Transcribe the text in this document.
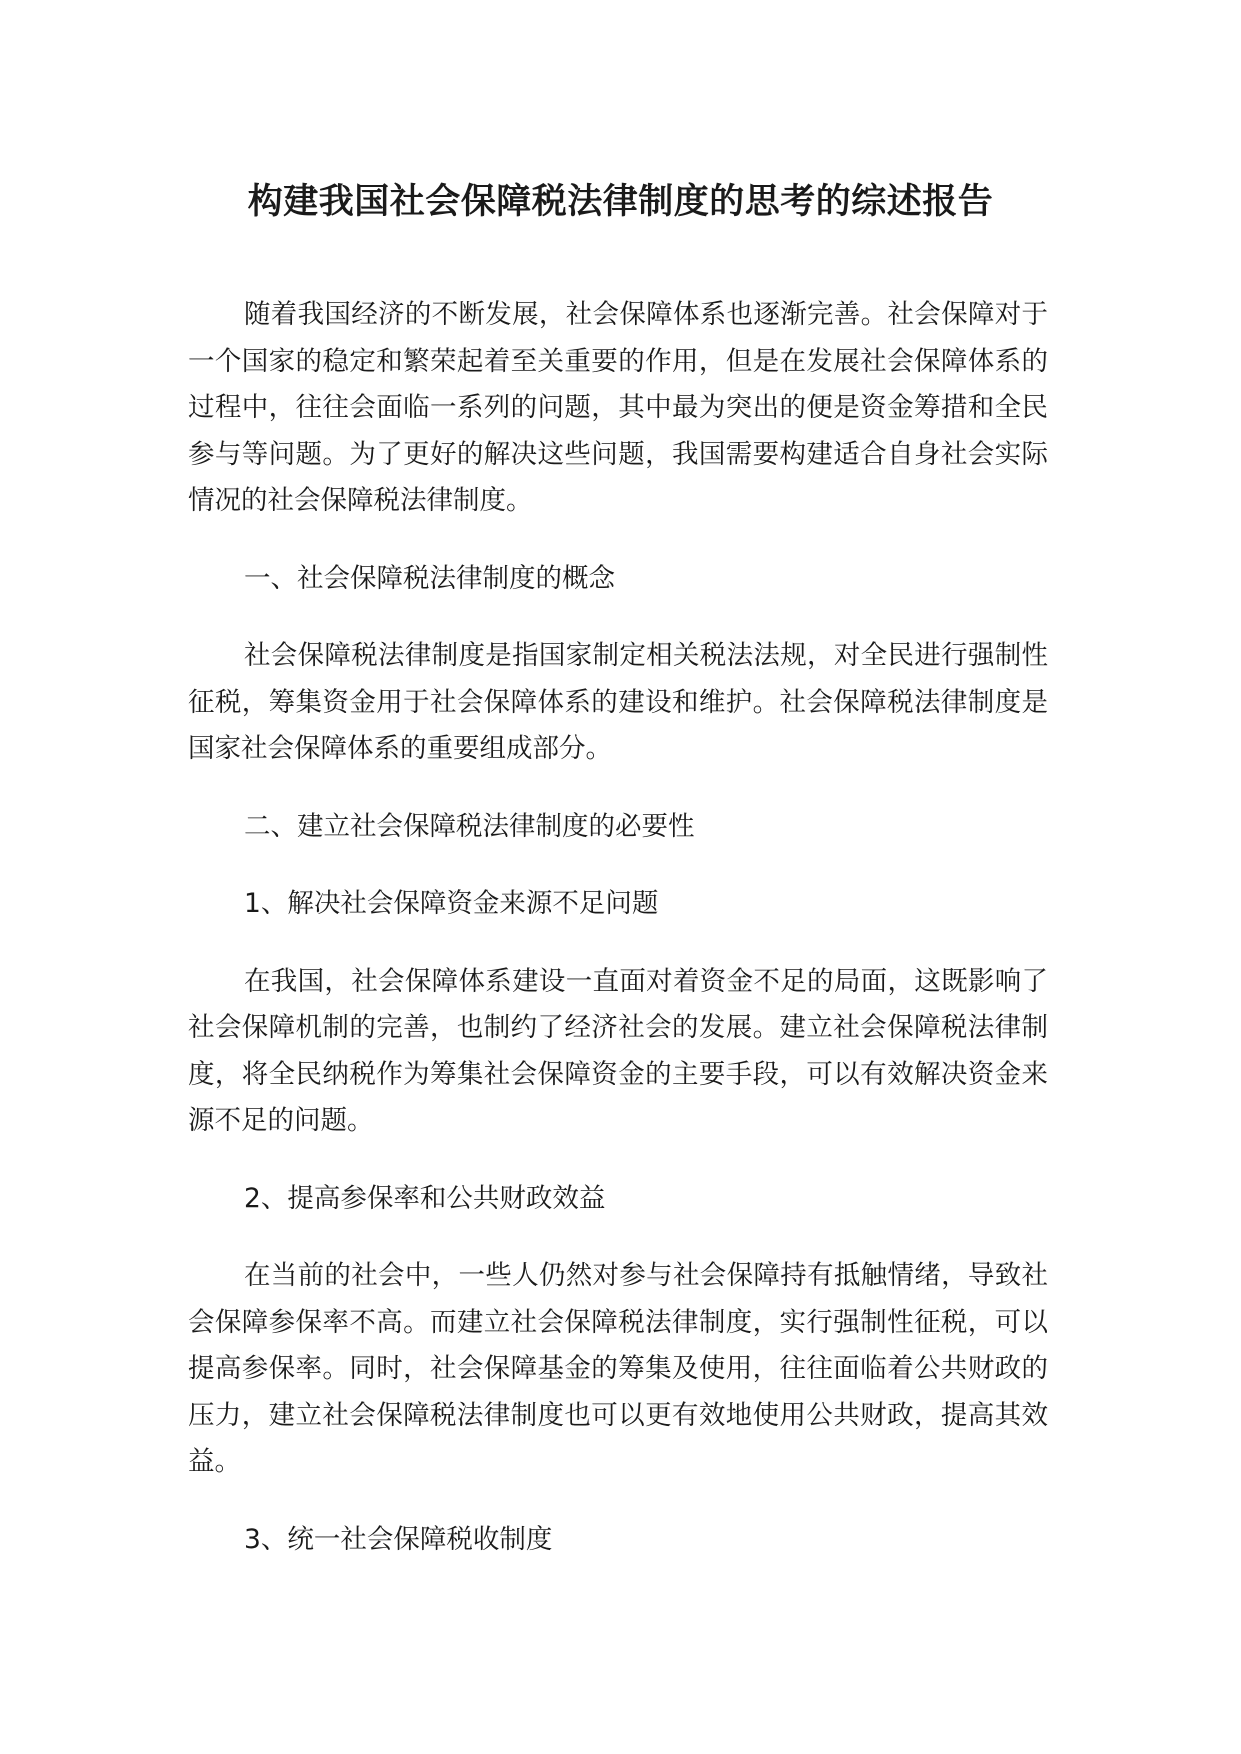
构建我国社会保障税法律制度的思考的综述报告

随着我国经济的不断发展，社会保障体系也逐渐完善。社会保障对于一个国家的稳定和繁荣起着至关重要的作用，但是在发展社会保障体系的过程中，往往会面临一系列的问题，其中最为突出的便是资金筹措和全民参与等问题。为了更好的解决这些问题，我国需要构建适合自身社会实际情况的社会保障税法律制度。

一、社会保障税法律制度的概念

社会保障税法律制度是指国家制定相关税法法规，对全民进行强制性征税，筹集资金用于社会保障体系的建设和维护。社会保障税法律制度是国家社会保障体系的重要组成部分。

二、建立社会保障税法律制度的必要性

1、解决社会保障资金来源不足问题

在我国，社会保障体系建设一直面对着资金不足的局面，这既影响了社会保障机制的完善，也制约了经济社会的发展。建立社会保障税法律制度，将全民纳税作为筹集社会保障资金的主要手段，可以有效解决资金来源不足的问题。

2、提高参保率和公共财政效益

在当前的社会中，一些人仍然对参与社会保障持有抵触情绪，导致社会保障参保率不高。而建立社会保障税法律制度，实行强制性征税，可以提高参保率。同时，社会保障基金的筹集及使用，往往面临着公共财政的压力，建立社会保障税法律制度也可以更有效地使用公共财政，提高其效益。

3、统一社会保障税收制度
